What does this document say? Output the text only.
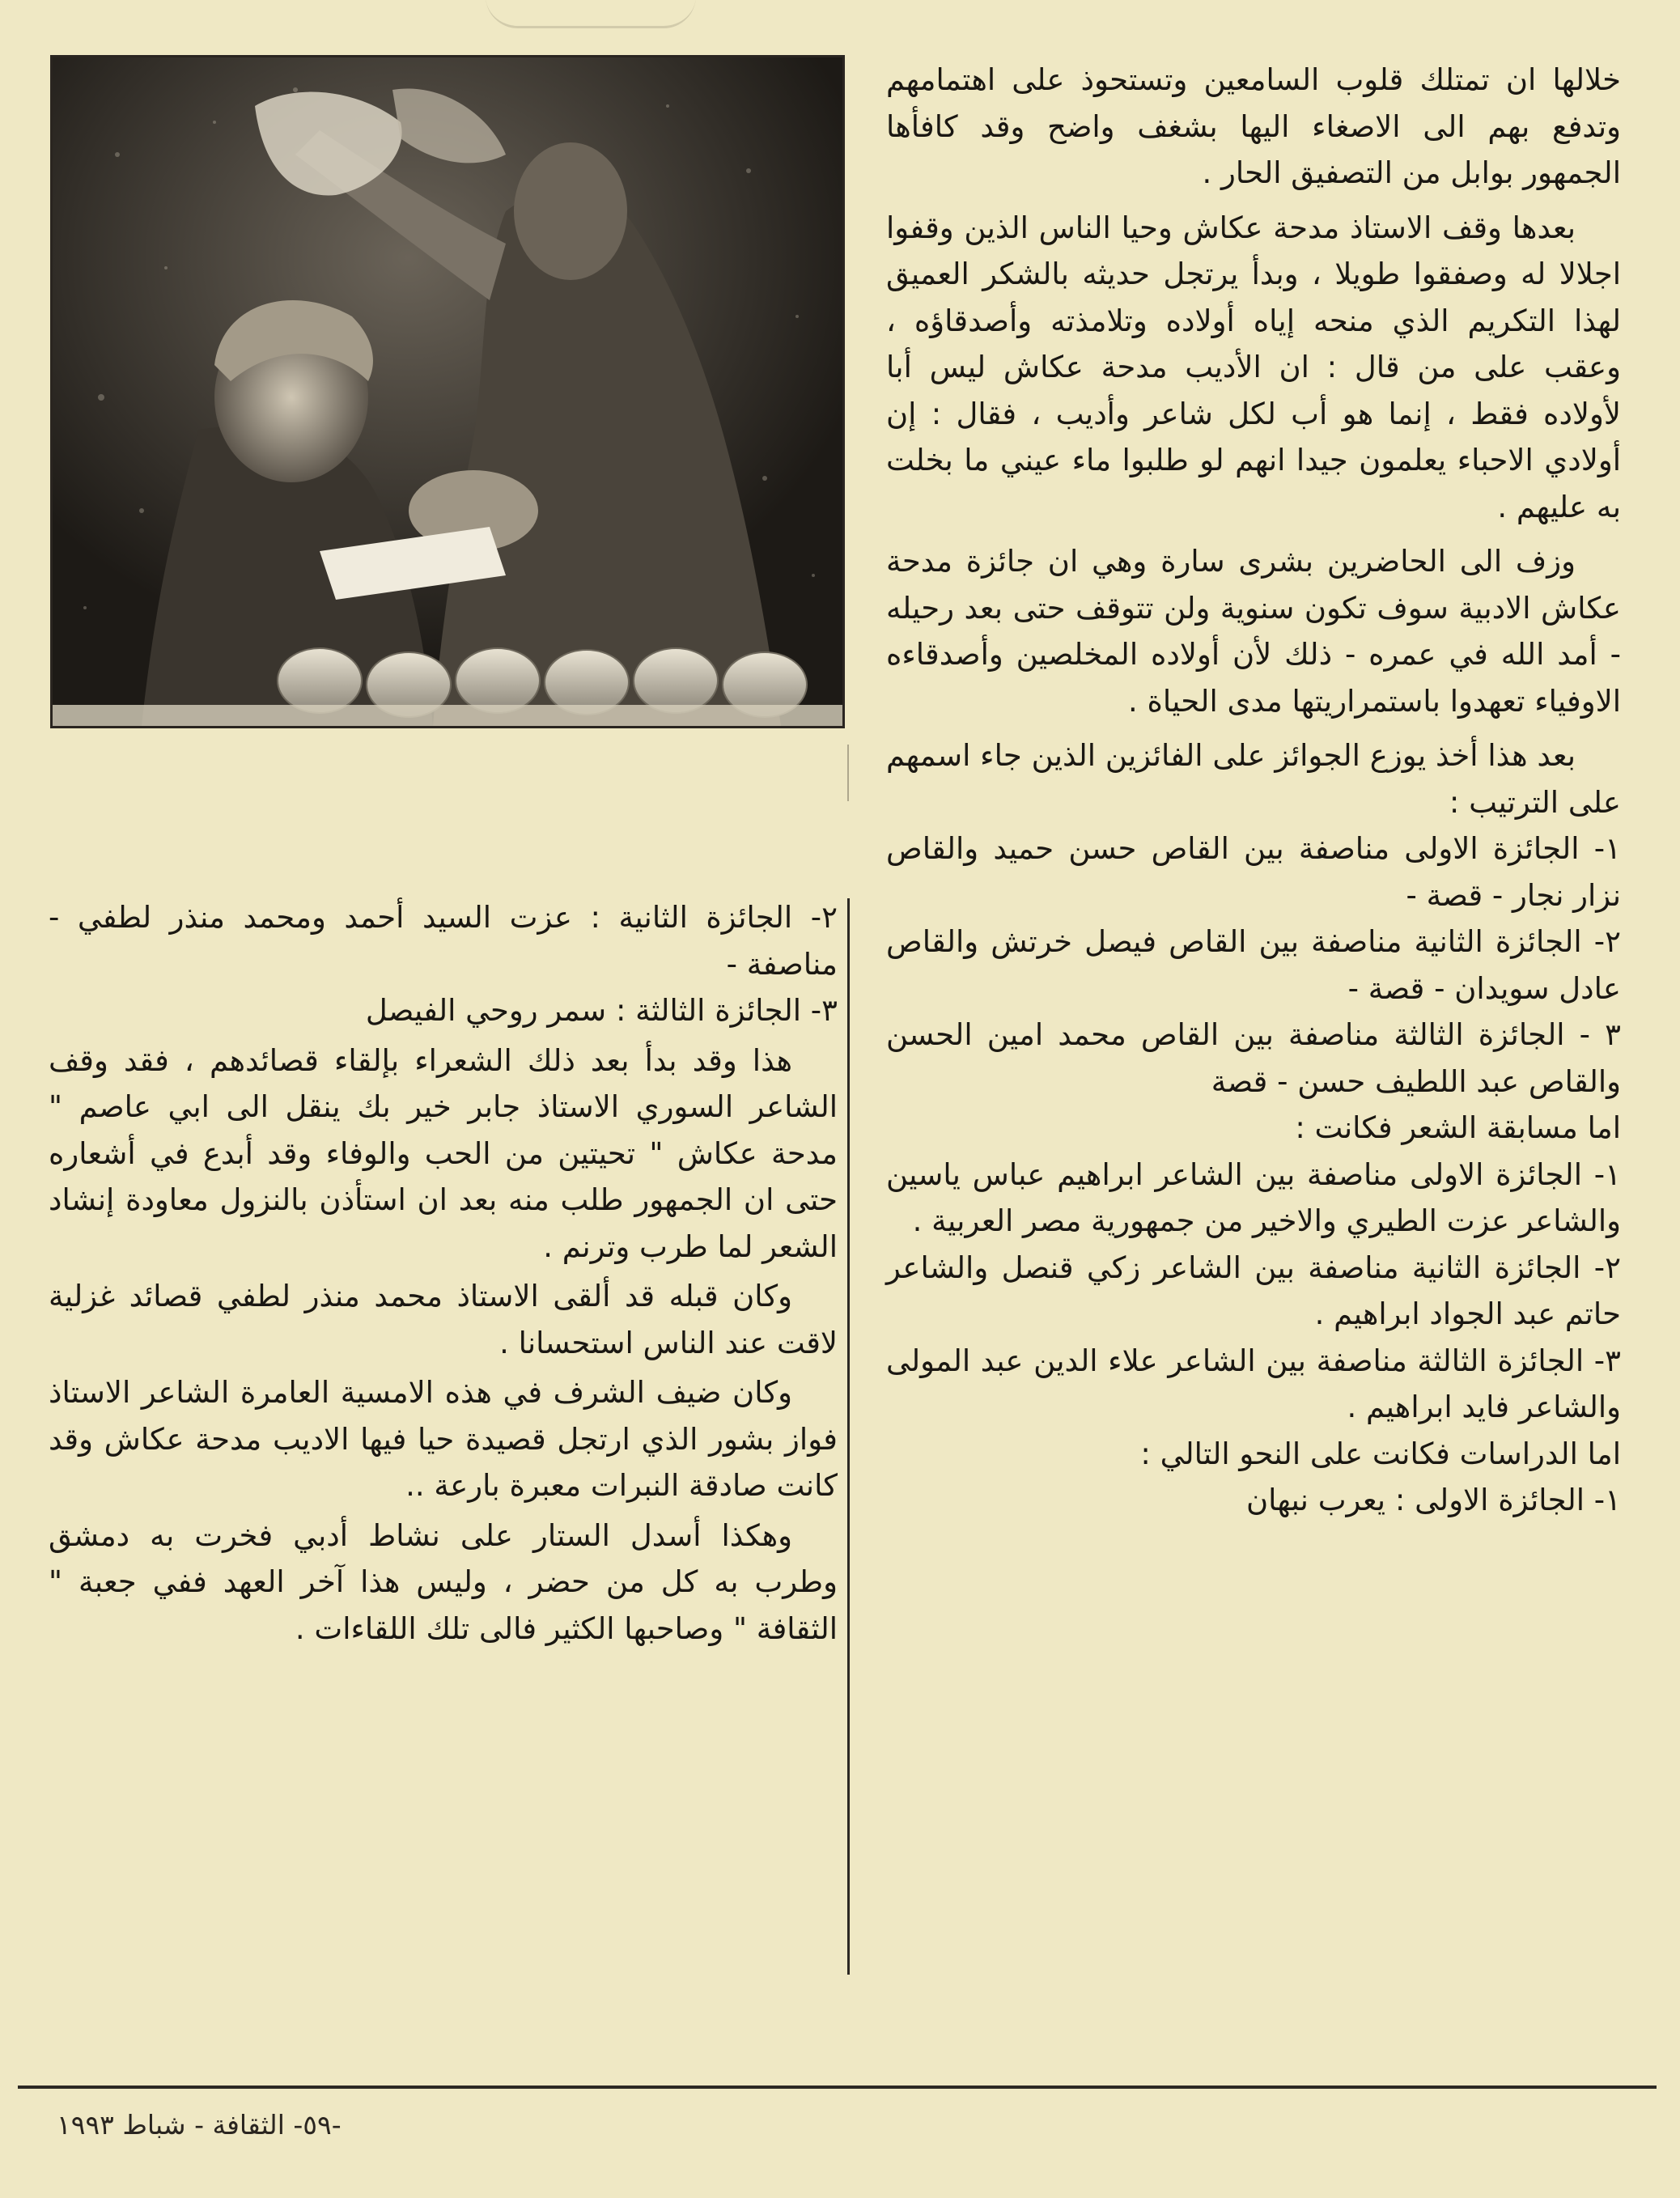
خلالها ان تمتلك قلوب السامعين وتستحوذ على اهتمامهم وتدفع بهم الى الاصغاء اليها بشغف واضح وقد كافأها الجمهور بوابل من التصفيق الحار .

بعدها وقف الاستاذ مدحة عكاش وحيا الناس الذين وقفوا اجلالا له وصفقوا طويلا ، وبدأ يرتجل حديثه بالشكر العميق لهذا التكريم الذي منحه إياه أولاده وتلامذته وأصدقاؤه ، وعقب على من قال : ان الأديب مدحة عكاش ليس أبا لأولاده فقط ، إنما هو أب لكل شاعر وأديب ، فقال : إن أولادي الاحباء يعلمون جيدا انهم لو طلبوا ماء عيني ما بخلت به عليهم .

وزف الى الحاضرين بشرى سارة وهي ان جائزة مدحة عكاش الادبية سوف تكون سنوية ولن تتوقف حتى بعد رحيله - أمد الله في عمره - ذلك لأن أولاده المخلصين وأصدقاءه الاوفياء تعهدوا باستمراريتها مدى الحياة .

بعد هذا أخذ يوزع الجوائز على الفائزين الذين جاء اسمهم على الترتيب :

١- الجائزة الاولى مناصفة بين القاص حسن حميد والقاص نزار نجار - قصة -

٢- الجائزة الثانية مناصفة بين القاص فيصل خرتش والقاص عادل سويدان - قصة -

٣ - الجائزة الثالثة مناصفة بين القاص محمد امين الحسن والقاص عبد اللطيف حسن - قصة

اما مسابقة الشعر فكانت :

١- الجائزة الاولى مناصفة بين الشاعر ابراهيم عباس ياسين والشاعر عزت الطيري والاخير من جمهورية مصر العربية .

٢- الجائزة الثانية مناصفة بين الشاعر زكي قنصل والشاعر حاتم عبد الجواد ابراهيم .

٣- الجائزة الثالثة مناصفة بين الشاعر علاء الدين عبد المولى والشاعر فايد ابراهيم .

اما الدراسات فكانت على النحو التالي :

١- الجائزة الاولى : يعرب نبهان

٢- الجائزة الثانية : عزت السيد أحمد ومحمد منذر لطفي - مناصفة -

٣- الجائزة الثالثة : سمر روحي الفيصل

هذا وقد بدأ بعد ذلك الشعراء بإلقاء قصائدهم ، فقد وقف الشاعر السوري الاستاذ جابر خير بك ينقل الى ابي عاصم " مدحة عكاش " تحيتين من الحب والوفاء وقد أبدع في أشعاره حتى ان الجمهور طلب منه بعد ان استأذن بالنزول معاودة إنشاد الشعر لما طرب وترنم .

وكان قبله قد ألقى الاستاذ محمد منذر لطفي قصائد غزلية لاقت عند الناس استحسانا .

وكان ضيف الشرف في هذه الامسية العامرة الشاعر الاستاذ فواز بشور الذي ارتجل قصيدة حيا فيها الاديب مدحة عكاش وقد كانت صادقة النبرات معبرة بارعة ..

وهكذا أسدل الستار على نشاط أدبي فخرت به دمشق وطرب به كل من حضر ، وليس هذا آخر العهد ففي جعبة " الثقافة " وصاحبها الكثير فالى تلك اللقاءات .

-٥٩- الثقافة - شباط ١٩٩٣
